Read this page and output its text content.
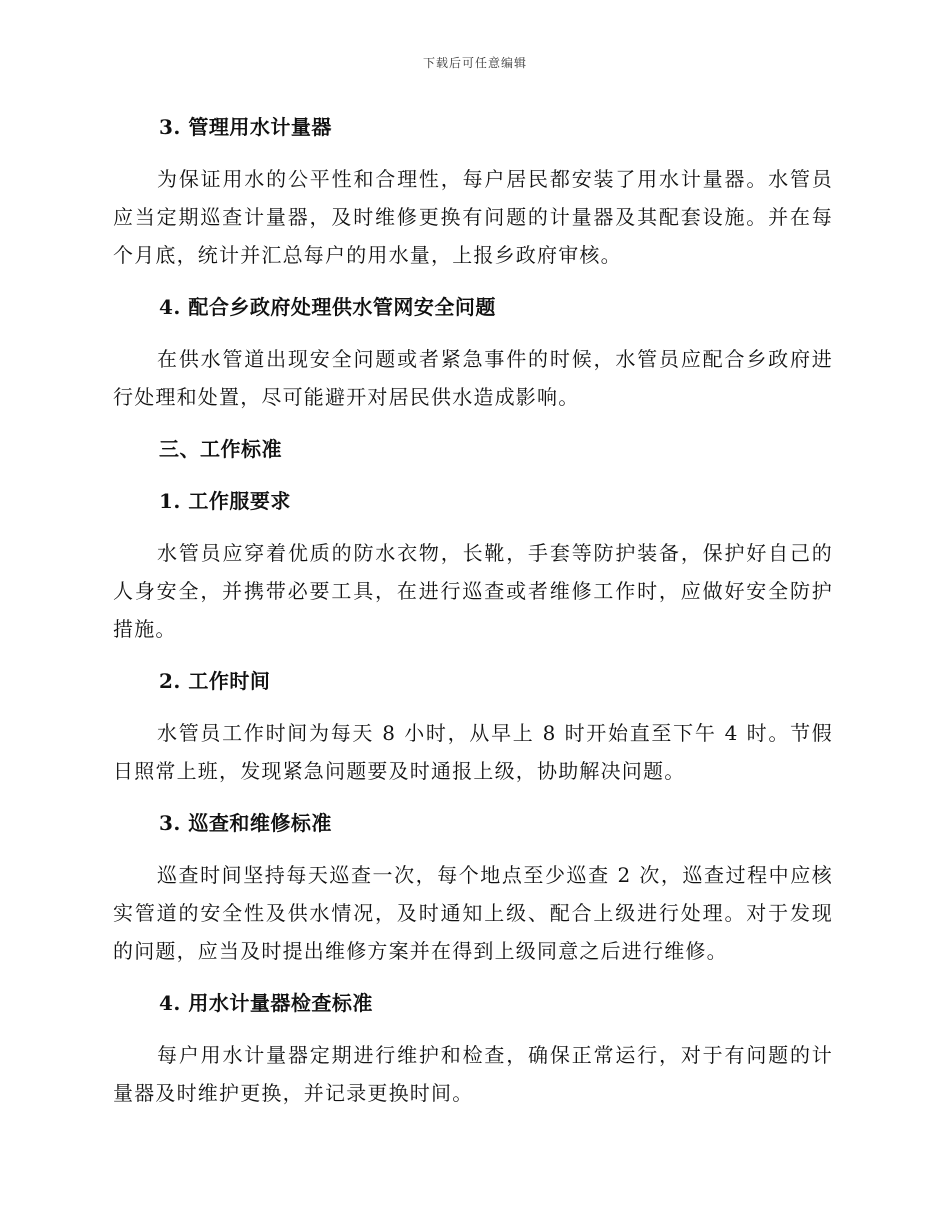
下载后可任意编辑

3. 管理用水计量器

为保证用水的公平性和合理性，每户居民都安装了用水计量器。水管员应当定期巡查计量器，及时维修更换有问题的计量器及其配套设施。并在每个月底，统计并汇总每户的用水量，上报乡政府审核。

4. 配合乡政府处理供水管网安全问题

在供水管道出现安全问题或者紧急事件的时候，水管员应配合乡政府进行处理和处置，尽可能避开对居民供水造成影响。

三、工作标准

1. 工作服要求

水管员应穿着优质的防水衣物，长靴，手套等防护装备，保护好自己的人身安全，并携带必要工具，在进行巡查或者维修工作时，应做好安全防护措施。

2. 工作时间

水管员工作时间为每天 8 小时，从早上 8 时开始直至下午 4 时。节假日照常上班，发现紧急问题要及时通报上级，协助解决问题。

3. 巡查和维修标准

巡查时间坚持每天巡查一次，每个地点至少巡查 2 次，巡查过程中应核实管道的安全性及供水情况，及时通知上级、配合上级进行处理。对于发现的问题，应当及时提出维修方案并在得到上级同意之后进行维修。

4. 用水计量器检查标准

每户用水计量器定期进行维护和检查，确保正常运行，对于有问题的计量器及时维护更换，并记录更换时间。
